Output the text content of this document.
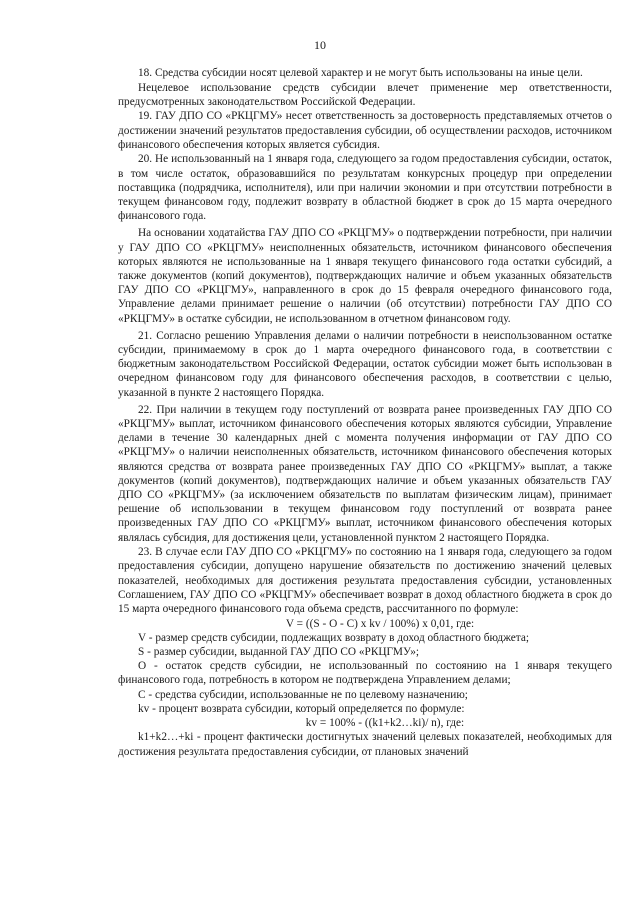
10

18. Средства субсидии носят целевой характер и не могут быть использованы на иные цели.

Нецелевое использование средств субсидии влечет применение мер ответственности, предусмотренных законодательством Российской Федерации.

19. ГАУ ДПО СО «РКЦГМУ» несет ответственность за достоверность представляемых отчетов о достижении значений результатов предоставления субсидии, об осуществлении расходов, источником финансового обеспечения которых является субсидия.

20. Не использованный на 1 января года, следующего за годом предоставления субсидии, остаток, в том числе остаток, образовавшийся по результатам конкурсных процедур при определении поставщика (подрядчика, исполнителя), или при наличии экономии и при отсутствии потребности в текущем финансовом году, подлежит возврату в областной бюджет в срок до 15 марта очередного финансового года.

На основании ходатайства ГАУ ДПО СО «РКЦГМУ» о подтверждении потребности, при наличии у ГАУ ДПО СО «РКЦГМУ» неисполненных обязательств, источником финансового обеспечения которых являются не использованные на 1 января текущего финансового года остатки субсидий, а также документов (копий документов), подтверждающих наличие и объем указанных обязательств ГАУ ДПО СО «РКЦГМУ», направленного в срок до 15 февраля очередного финансового года, Управление делами принимает решение о наличии (об отсутствии) потребности ГАУ ДПО СО «РКЦГМУ» в остатке субсидии, не использованном в отчетном финансовом году.

21. Согласно решению Управления делами о наличии потребности в неиспользованном остатке субсидии, принимаемому в срок до 1 марта очередного финансового года, в соответствии с бюджетным законодательством Российской Федерации, остаток субсидии может быть использован в очередном финансовом году для финансового обеспечения расходов, в соответствии с целью, указанной в пункте 2 настоящего Порядка.

22. При наличии в текущем году поступлений от возврата ранее произведенных ГАУ ДПО СО «РКЦГМУ» выплат, источником финансового обеспечения которых являются субсидии, Управление делами в течение 30 календарных дней с момента получения информации от ГАУ ДПО СО «РКЦГМУ» о наличии неисполненных обязательств, источником финансового обеспечения которых являются средства от возврата ранее произведенных ГАУ ДПО СО «РКЦГМУ» выплат, а также документов (копий документов), подтверждающих наличие и объем указанных обязательств ГАУ ДПО СО «РКЦГМУ» (за исключением обязательств по выплатам физическим лицам), принимает решение об использовании в текущем финансовом году поступлений от возврата ранее произведенных ГАУ ДПО СО «РКЦГМУ» выплат, источником финансового обеспечения которых являлась субсидия, для достижения цели, установленной пунктом 2 настоящего Порядка.

23. В случае если ГАУ ДПО СО «РКЦГМУ» по состоянию на 1 января года, следующего за годом предоставления субсидии, допущено нарушение обязательств по достижению значений целевых показателей, необходимых для достижения результата предоставления субсидии, установленных Соглашением, ГАУ ДПО СО «РКЦГМУ» обеспечивает возврат в доход областного бюджета в срок до 15 марта очередного финансового года объема средств, рассчитанного по формуле:

V = ((S - O - C) x kv / 100%) x 0,01, где:

V - размер средств субсидии, подлежащих возврату в доход областного бюджета;

S - размер субсидии, выданной ГАУ ДПО СО «РКЦГМУ»;

O - остаток средств субсидии, не использованный по состоянию на 1 января текущего финансового года, потребность в котором не подтверждена Управлением делами;

C - средства субсидии, использованные не по целевому назначению;

kv - процент возврата субсидии, который определяется по формуле:

kv = 100% - ((k1+k2…ki)/ n), где:

k1+k2…+ki - процент фактически достигнутых значений целевых показателей, необходимых для достижения результата предоставления субсидии, от плановых значений
